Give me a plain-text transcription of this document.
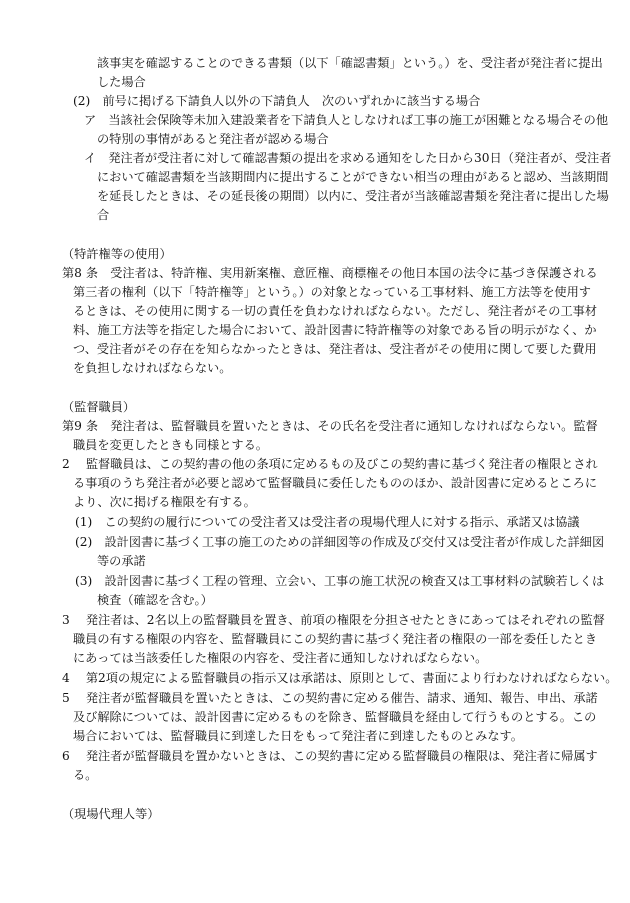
該事実を確認することのできる書類（以下「確認書類」という。）を、受注者が発注者に提出
した場合
(2)　前号に掲げる下請負人以外の下請負人　次のいずれかに該当する場合
ア　当該社会保険等未加入建設業者を下請負人としなければ工事の施工が困難となる場合その他
の特別の事情があると発注者が認める場合
イ　発注者が受注者に対して確認書類の提出を求める通知をした日から30日（発注者が、受注者
において確認書類を当該期間内に提出することができない相当の理由があると認め、当該期間
を延長したときは、その延長後の期間）以内に、受注者が当該確認書類を発注者に提出した場
合
（特許権等の使用）
第8 条　受注者は、特許権、実用新案権、意匠権、商標権その他日本国の法令に基づき保護される
第三者の権利（以下「特許権等」という。）の対象となっている工事材料、施工方法等を使用す
るときは、その使用に関する一切の責任を負わなければならない。ただし、発注者がその工事材
料、施工方法等を指定した場合において、設計図書に特許権等の対象である旨の明示がなく、か
つ、受注者がその存在を知らなかったときは、発注者は、受注者がその使用に関して要した費用
を負担しなければならない。
（監督職員）
第9 条　発注者は、監督職員を置いたときは、その氏名を受注者に通知しなければならない。監督
職員を変更したときも同様とする。
2　 監督職員は、この契約書の他の条項に定めるもの及びこの契約書に基づく発注者の権限とされ
る事項のうち発注者が必要と認めて監督職員に委任したもののほか、設計図書に定めるところに
より、次に掲げる権限を有する。
(1)　この契約の履行についての受注者又は受注者の現場代理人に対する指示、承諾又は協議
(2)　設計図書に基づく工事の施工のための詳細図等の作成及び交付又は受注者が作成した詳細図
等の承諾
(3)　設計図書に基づく工程の管理、立会い、工事の施工状況の検査又は工事材料の試験若しくは
検査（確認を含む。）
3　 発注者は、2名以上の監督職員を置き、前項の権限を分担させたときにあってはそれぞれの監督
職員の有する権限の内容を、監督職員にこの契約書に基づく発注者の権限の一部を委任したとき
にあっては当該委任した権限の内容を、受注者に通知しなければならない。
4　 第2項の規定による監督職員の指示又は承諾は、原則として、書面により行わなければならない。
5　 発注者が監督職員を置いたときは、この契約書に定める催告、請求、通知、報告、申出、承諾
及び解除については、設計図書に定めるものを除き、監督職員を経由して行うものとする。この
場合においては、監督職員に到達した日をもって発注者に到達したものとみなす。
6　 発注者が監督職員を置かないときは、この契約書に定める監督職員の権限は、発注者に帰属す
る。
（現場代理人等）
